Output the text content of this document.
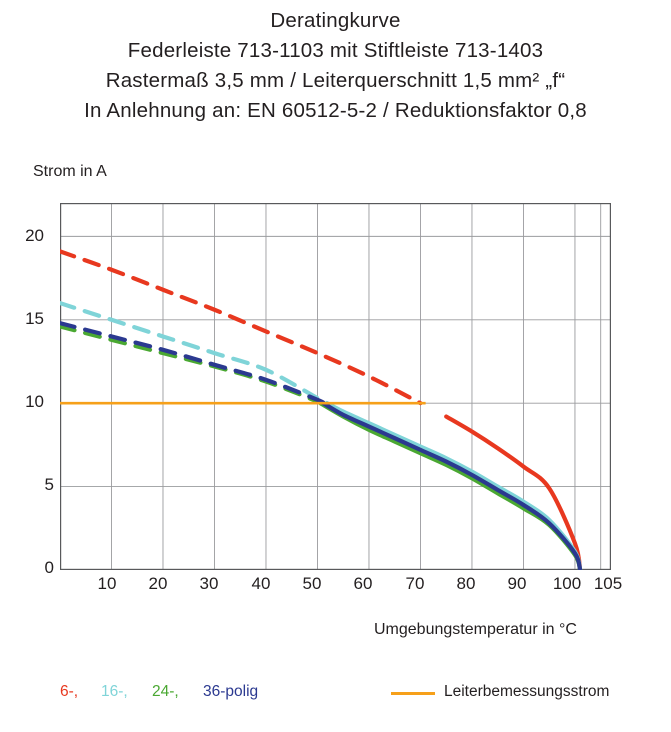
Deratingkurve
Federleiste 713-1103 mit Stiftleiste 713-1403
Rastermaß 3,5 mm / Leiterquerschnitt 1,5 mm² „f“
In Anlehnung an: EN 60512-5-2 / Reduktionsfaktor 0,8
Strom in A
0
5
10
15
20
10	20	30	40	50	60	70	80	90	100 105
Umgebungstemperatur in °C
6-, 16-, 24-, 36-polig	Leiterbemessungsstrom
